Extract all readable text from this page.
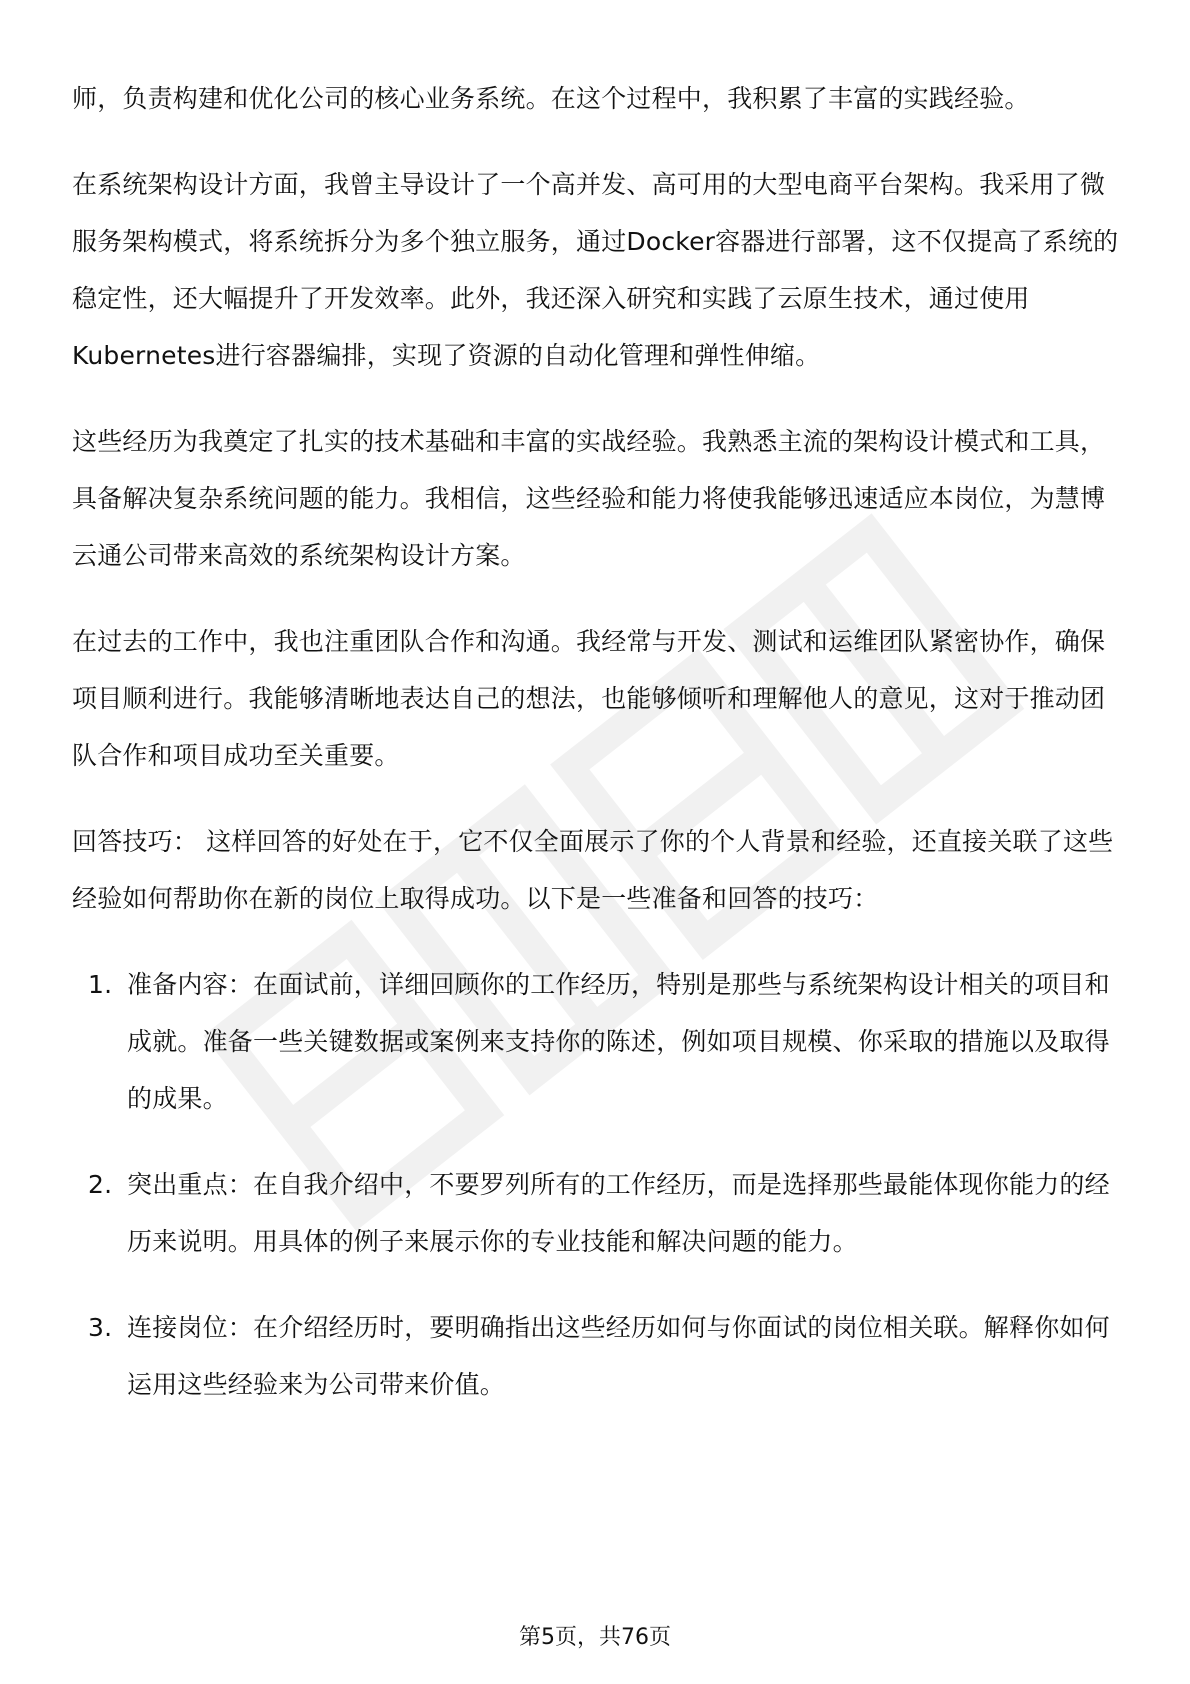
师，负责构建和优化公司的核心业务系统。在这个过程中，我积累了丰富的实践经验。

在系统架构设计方面，我曾主导设计了一个高并发、高可用的大型电商平台架构。我采用了微服务架构模式，将系统拆分为多个独立服务，通过Docker容器进行部署，这不仅提高了系统的稳定性，还大幅提升了开发效率。此外，我还深入研究和实践了云原生技术，通过使用Kubernetes进行容器编排，实现了资源的自动化管理和弹性伸缩。

这些经历为我奠定了扎实的技术基础和丰富的实战经验。我熟悉主流的架构设计模式和工具，具备解决复杂系统问题的能力。我相信，这些经验和能力将使我能够迅速适应本岗位，为慧博云通公司带来高效的系统架构设计方案。

在过去的工作中，我也注重团队合作和沟通。我经常与开发、测试和运维团队紧密协作，确保项目顺利进行。我能够清晰地表达自己的想法，也能够倾听和理解他人的意见，这对于推动团队合作和项目成功至关重要。

回答技巧： 这样回答的好处在于，它不仅全面展示了你的个人背景和经验，还直接关联了这些经验如何帮助你在新的岗位上取得成功。以下是一些准备和回答的技巧：

1. 准备内容：在面试前，详细回顾你的工作经历，特别是那些与系统架构设计相关的项目和成就。准备一些关键数据或案例来支持你的陈述，例如项目规模、你采取的措施以及取得的成果。
2. 突出重点：在自我介绍中，不要罗列所有的工作经历，而是选择那些最能体现你能力的经历来说明。用具体的例子来展示你的专业技能和解决问题的能力。
3. 连接岗位：在介绍经历时，要明确指出这些经历如何与你面试的岗位相关联。解释你如何运用这些经验来为公司带来价值。
第5页，共76页
